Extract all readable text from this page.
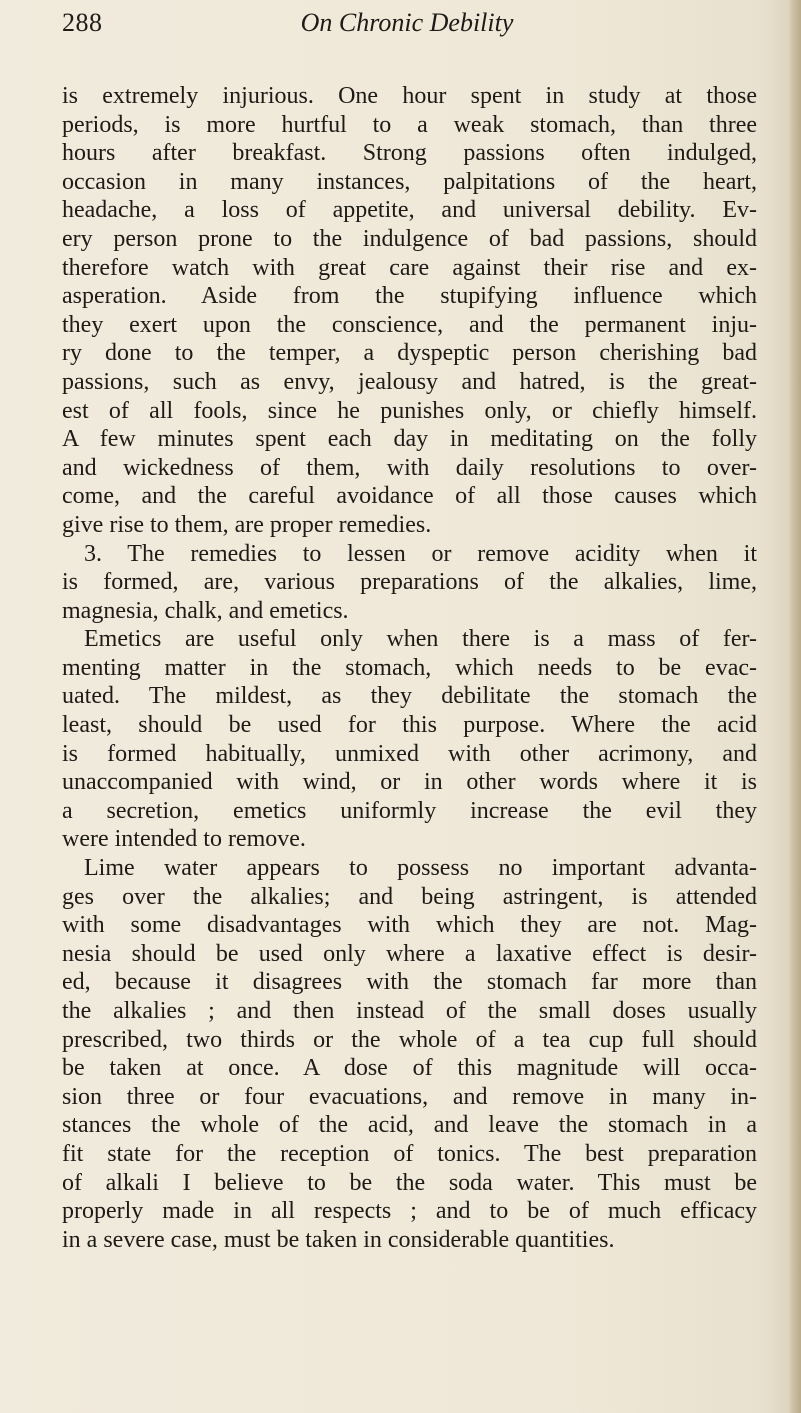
288	On Chronic Debility
is extremely injurious. One hour spent in study at those
periods, is more hurtful to a weak stomach, than three
hours after breakfast. Strong passions often indulged,
occasion in many instances, palpitations of the heart,
headache, a loss of appetite, and universal debility. Ev-
ery person prone to the indulgence of bad passions, should
therefore watch with great care against their rise and ex-
asperation. Aside from the stupifying influence which
they exert upon the conscience, and the permanent inju-
ry done to the temper, a dyspeptic person cherishing bad
passions, such as envy, jealousy and hatred, is the great-
est of all fools, since he punishes only, or chiefly himself.
A few minutes spent each day in meditating on the folly
and wickedness of them, with daily resolutions to over-
come, and the careful avoidance of all those causes which
give rise to them, are proper remedies.
3. The remedies to lessen or remove acidity when it
is formed, are, various preparations of the alkalies, lime,
magnesia, chalk, and emetics.
Emetics are useful only when there is a mass of fer-
menting matter in the stomach, which needs to be evac-
uated. The mildest, as they debilitate the stomach the
least, should be used for this purpose. Where the acid
is formed habitually, unmixed with other acrimony, and
unaccompanied with wind, or in other words where it is
a secretion, emetics uniformly increase the evil they
were intended to remove.
Lime water appears to possess no important advanta-
ges over the alkalies; and being astringent, is attended
with some disadvantages with which they are not. Mag-
nesia should be used only where a laxative effect is desir-
ed, because it disagrees with the stomach far more than
the alkalies ; and then instead of the small doses usually
prescribed, two thirds or the whole of a tea cup full should
be taken at once. A dose of this magnitude will occa-
sion three or four evacuations, and remove in many in-
stances the whole of the acid, and leave the stomach in a
fit state for the reception of tonics. The best preparation
of alkali I believe to be the soda water. This must be
properly made in all respects ; and to be of much efficacy
in a severe case, must be taken in considerable quantities.
